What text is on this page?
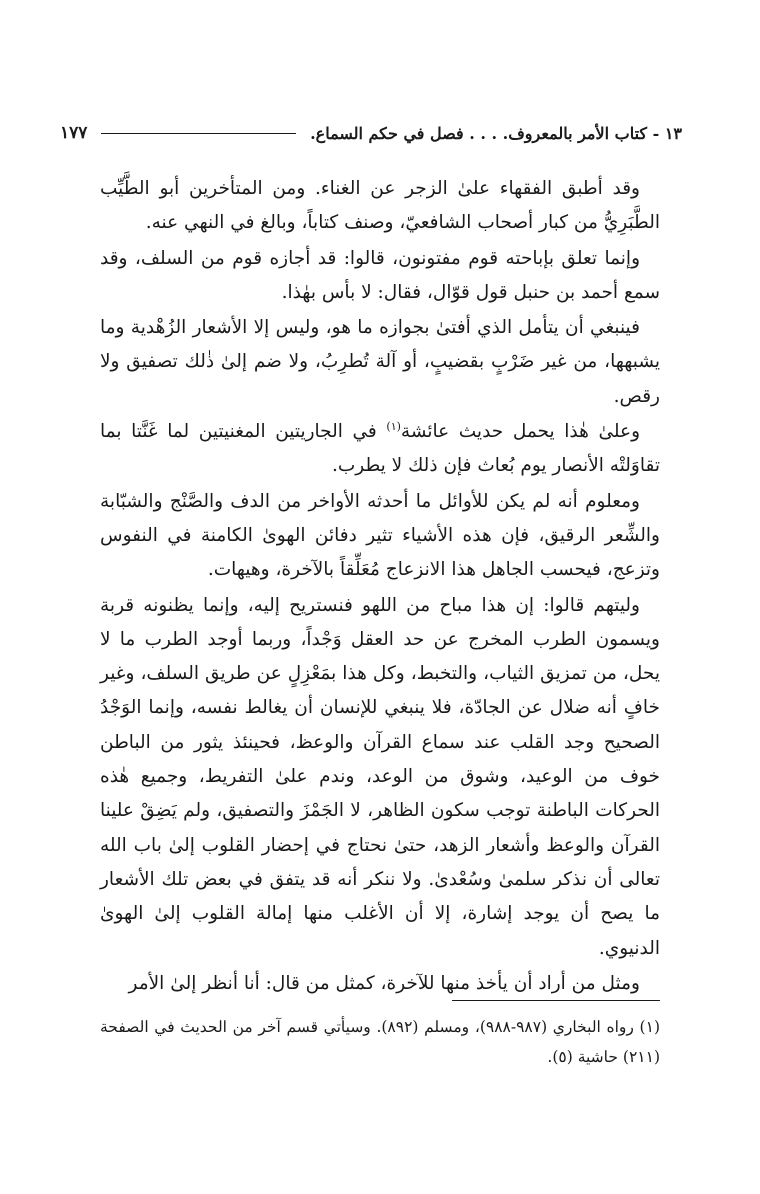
١٣ - كتاب الأمر بالمعروف. . . . فصل في حكم السماع.
١٧٧

وقد أطبق الفقهاء علىٰ الزجر عن الغناء. ومن المتأخرين أبو الطَّيِّب الطَّبَرِيُّ من كبار أصحاب الشافعيّ، وصنف كتاباً، وبالغ في النهي عنه.

وإنما تعلق بإباحته قوم مفتونون، قالوا: قد أجازه قوم من السلف، وقد سمع أحمد بن حنبل قول قوّال، فقال: لا بأس بهٰذا.

فينبغي أن يتأمل الذي أفتىٰ بجوازه ما هو، وليس إلا الأشعار الزُهْدية وما يشبهها، من غير ضَرْبٍ بقضيبٍ، أو آلة تُطرِبُ، ولا ضم إلىٰ ذٰلك تصفيق ولا رقص.

وعلىٰ هٰذا يحمل حديث عائشة$^{(١)}$ في الجاريتين المغنيتين لما غَنَّتا بما تقاوَلتْه الأنصار يوم بُعاث فإن ذلك لا يطرب.

ومعلوم أنه لم يكن للأوائل ما أحدثه الأواخر من الدف والصَّنْج والشبّابة والشِّعر الرقيق، فإن هذه الأشياء تثير دفائن الهوىٰ الكامنة في النفوس وتزعج، فيحسب الجاهل هذا الانزعاج مُعَلِّقاً بالآخرة، وهيهات.

وليتهم قالوا: إن هذا مباح من اللهو فنستريح إليه، وإنما يظنونه قربة ويسمون الطرب المخرج عن حد العقل وَجْداً، وربما أوجد الطرب ما لا يحل، من تمزيق الثياب، والتخبط، وكل هذا بمَعْزِلٍ عن طريق السلف، وغير خافٍ أنه ضلال عن الجادّة، فلا ينبغي للإنسان أن يغالط نفسه، وإنما الوَجْدُ الصحيح وجد القلب عند سماع القرآن والوعظ، فحينئذ يثور من الباطن خوف من الوعيد، وشوق من الوعد، وندم علىٰ التفريط، وجميع هٰذه الحركات الباطنة توجب سكون الظاهر، لا الجَمْزَ والتصفيق، ولم يَضِقْ علينا القرآن والوعظ وأشعار الزهد، حتىٰ نحتاج في إحضار القلوب إلىٰ باب الله تعالى أن نذكر سلمىٰ وسُعْدىٰ. ولا ننكر أنه قد يتفق في بعض تلك الأشعار ما يصح أن يوجد إشارة، إلا أن الأغلب منها إمالة القلوب إلىٰ الهوىٰ الدنيوي.

ومثل من أراد أن يأخذ منها للآخرة، كمثل من قال: أنا أنظر إلىٰ الأمر

(١) رواه البخاري (٩٨٧-٩٨٨)، ومسلم (٨٩٢). وسيأتي قسم آخر من الحديث في الصفحة (٢١١) حاشية (٥).
